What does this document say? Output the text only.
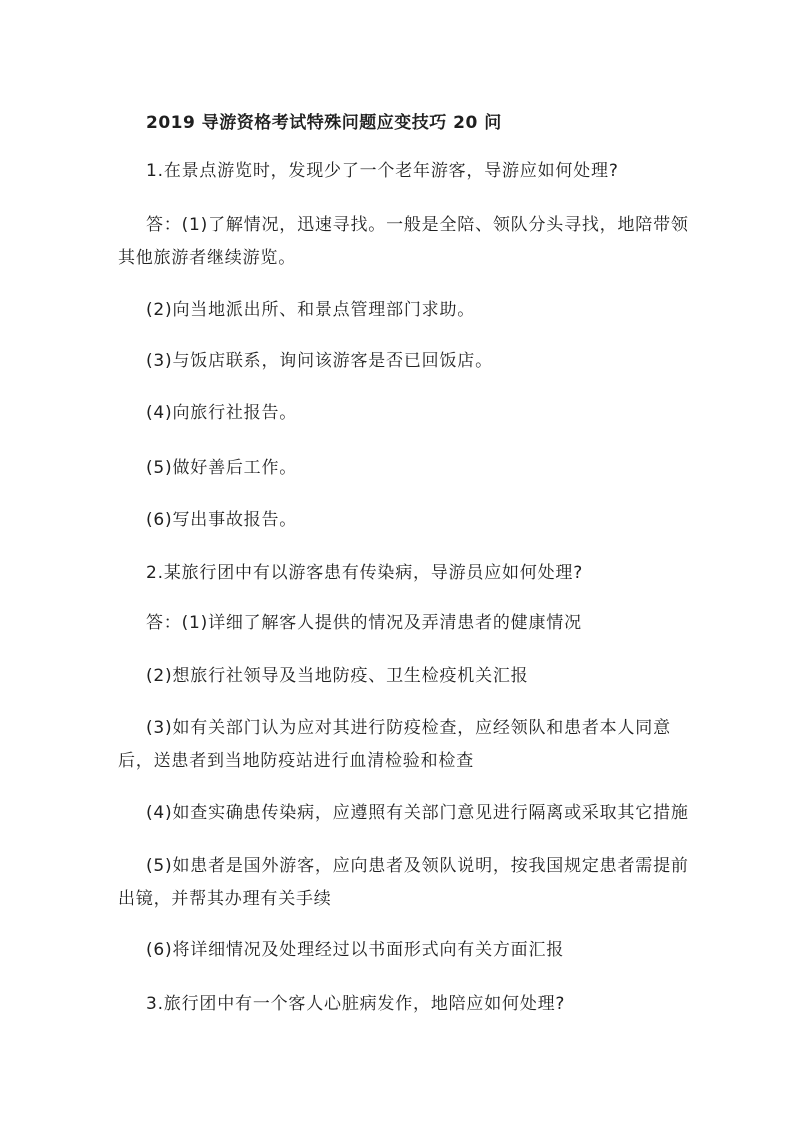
2019 导游资格考试特殊问题应变技巧 20 问
1.在景点游览时，发现少了一个老年游客，导游应如何处理?
答：(1)了解情况，迅速寻找。一般是全陪、领队分头寻找，地陪带领其他旅游者继续游览。
(2)向当地派出所、和景点管理部门求助。
(3)与饭店联系，询问该游客是否已回饭店。
(4)向旅行社报告。
(5)做好善后工作。
(6)写出事故报告。
2.某旅行团中有以游客患有传染病，导游员应如何处理?
答：(1)详细了解客人提供的情况及弄清患者的健康情况
(2)想旅行社领导及当地防疫、卫生检疫机关汇报
(3)如有关部门认为应对其进行防疫检查，应经领队和患者本人同意后，送患者到当地防疫站进行血清检验和检查
(4)如查实确患传染病，应遵照有关部门意见进行隔离或采取其它措施
(5)如患者是国外游客，应向患者及领队说明，按我国规定患者需提前出镜，并帮其办理有关手续
(6)将详细情况及处理经过以书面形式向有关方面汇报
3.旅行团中有一个客人心脏病发作，地陪应如何处理?
